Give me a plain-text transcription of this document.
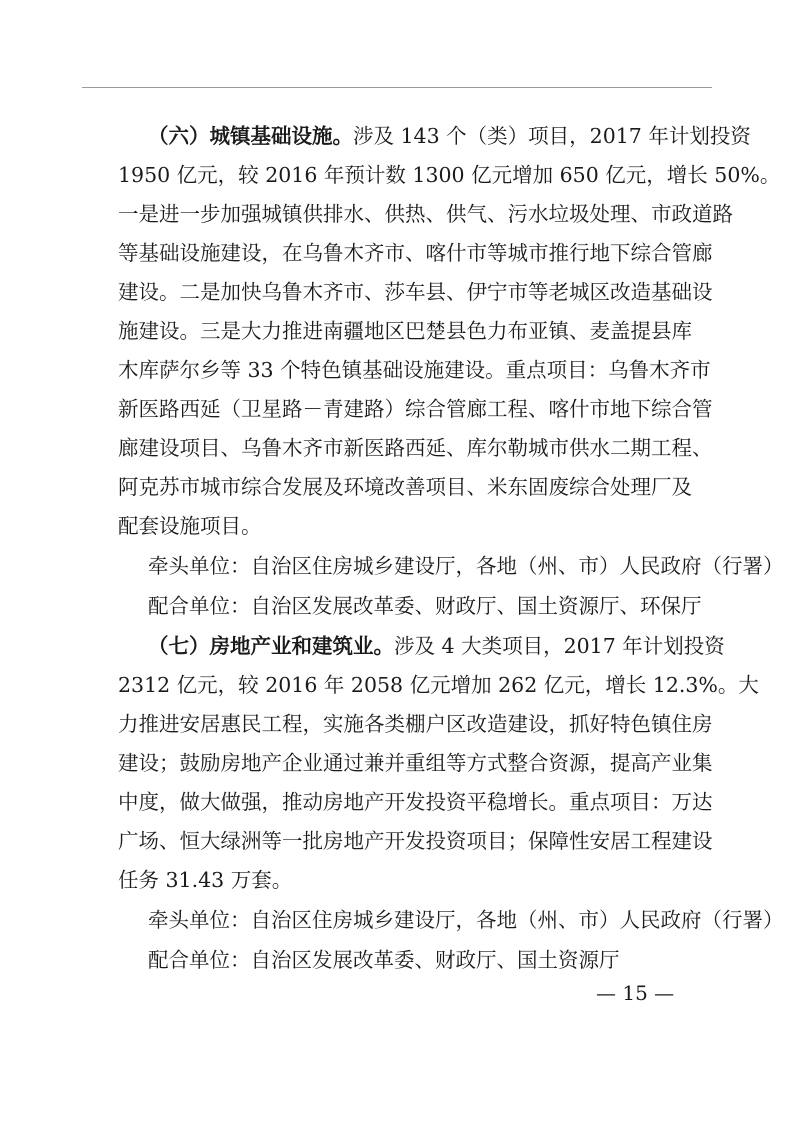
（六）城镇基础设施。涉及 143 个（类）项目，2017 年计划投资
1950 亿元，较 2016 年预计数 1300 亿元增加 650 亿元，增长 50%。
一是进一步加强城镇供排水、供热、供气、污水垃圾处理、市政道路
等基础设施建设，在乌鲁木齐市、喀什市等城市推行地下综合管廊
建设。二是加快乌鲁木齐市、莎车县、伊宁市等老城区改造基础设
施建设。三是大力推进南疆地区巴楚县色力布亚镇、麦盖提县库
木库萨尔乡等 33 个特色镇基础设施建设。重点项目：乌鲁木齐市
新医路西延（卫星路－青建路）综合管廊工程、喀什市地下综合管
廊建设项目、乌鲁木齐市新医路西延、库尔勒城市供水二期工程、
阿克苏市城市综合发展及环境改善项目、米东固废综合处理厂及
配套设施项目。
牵头单位：自治区住房城乡建设厅，各地（州、市）人民政府（行署）
配合单位：自治区发展改革委、财政厅、国土资源厅、环保厅
（七）房地产业和建筑业。涉及 4 大类项目，2017 年计划投资
2312 亿元，较 2016 年 2058 亿元增加 262 亿元，增长 12.3%。大
力推进安居惠民工程，实施各类棚户区改造建设，抓好特色镇住房
建设；鼓励房地产企业通过兼并重组等方式整合资源，提高产业集
中度，做大做强，推动房地产开发投资平稳增长。重点项目：万达
广场、恒大绿洲等一批房地产开发投资项目；保障性安居工程建设
任务 31.43 万套。
牵头单位：自治区住房城乡建设厅，各地（州、市）人民政府（行署）
配合单位：自治区发展改革委、财政厅、国土资源厅
— 15 —
